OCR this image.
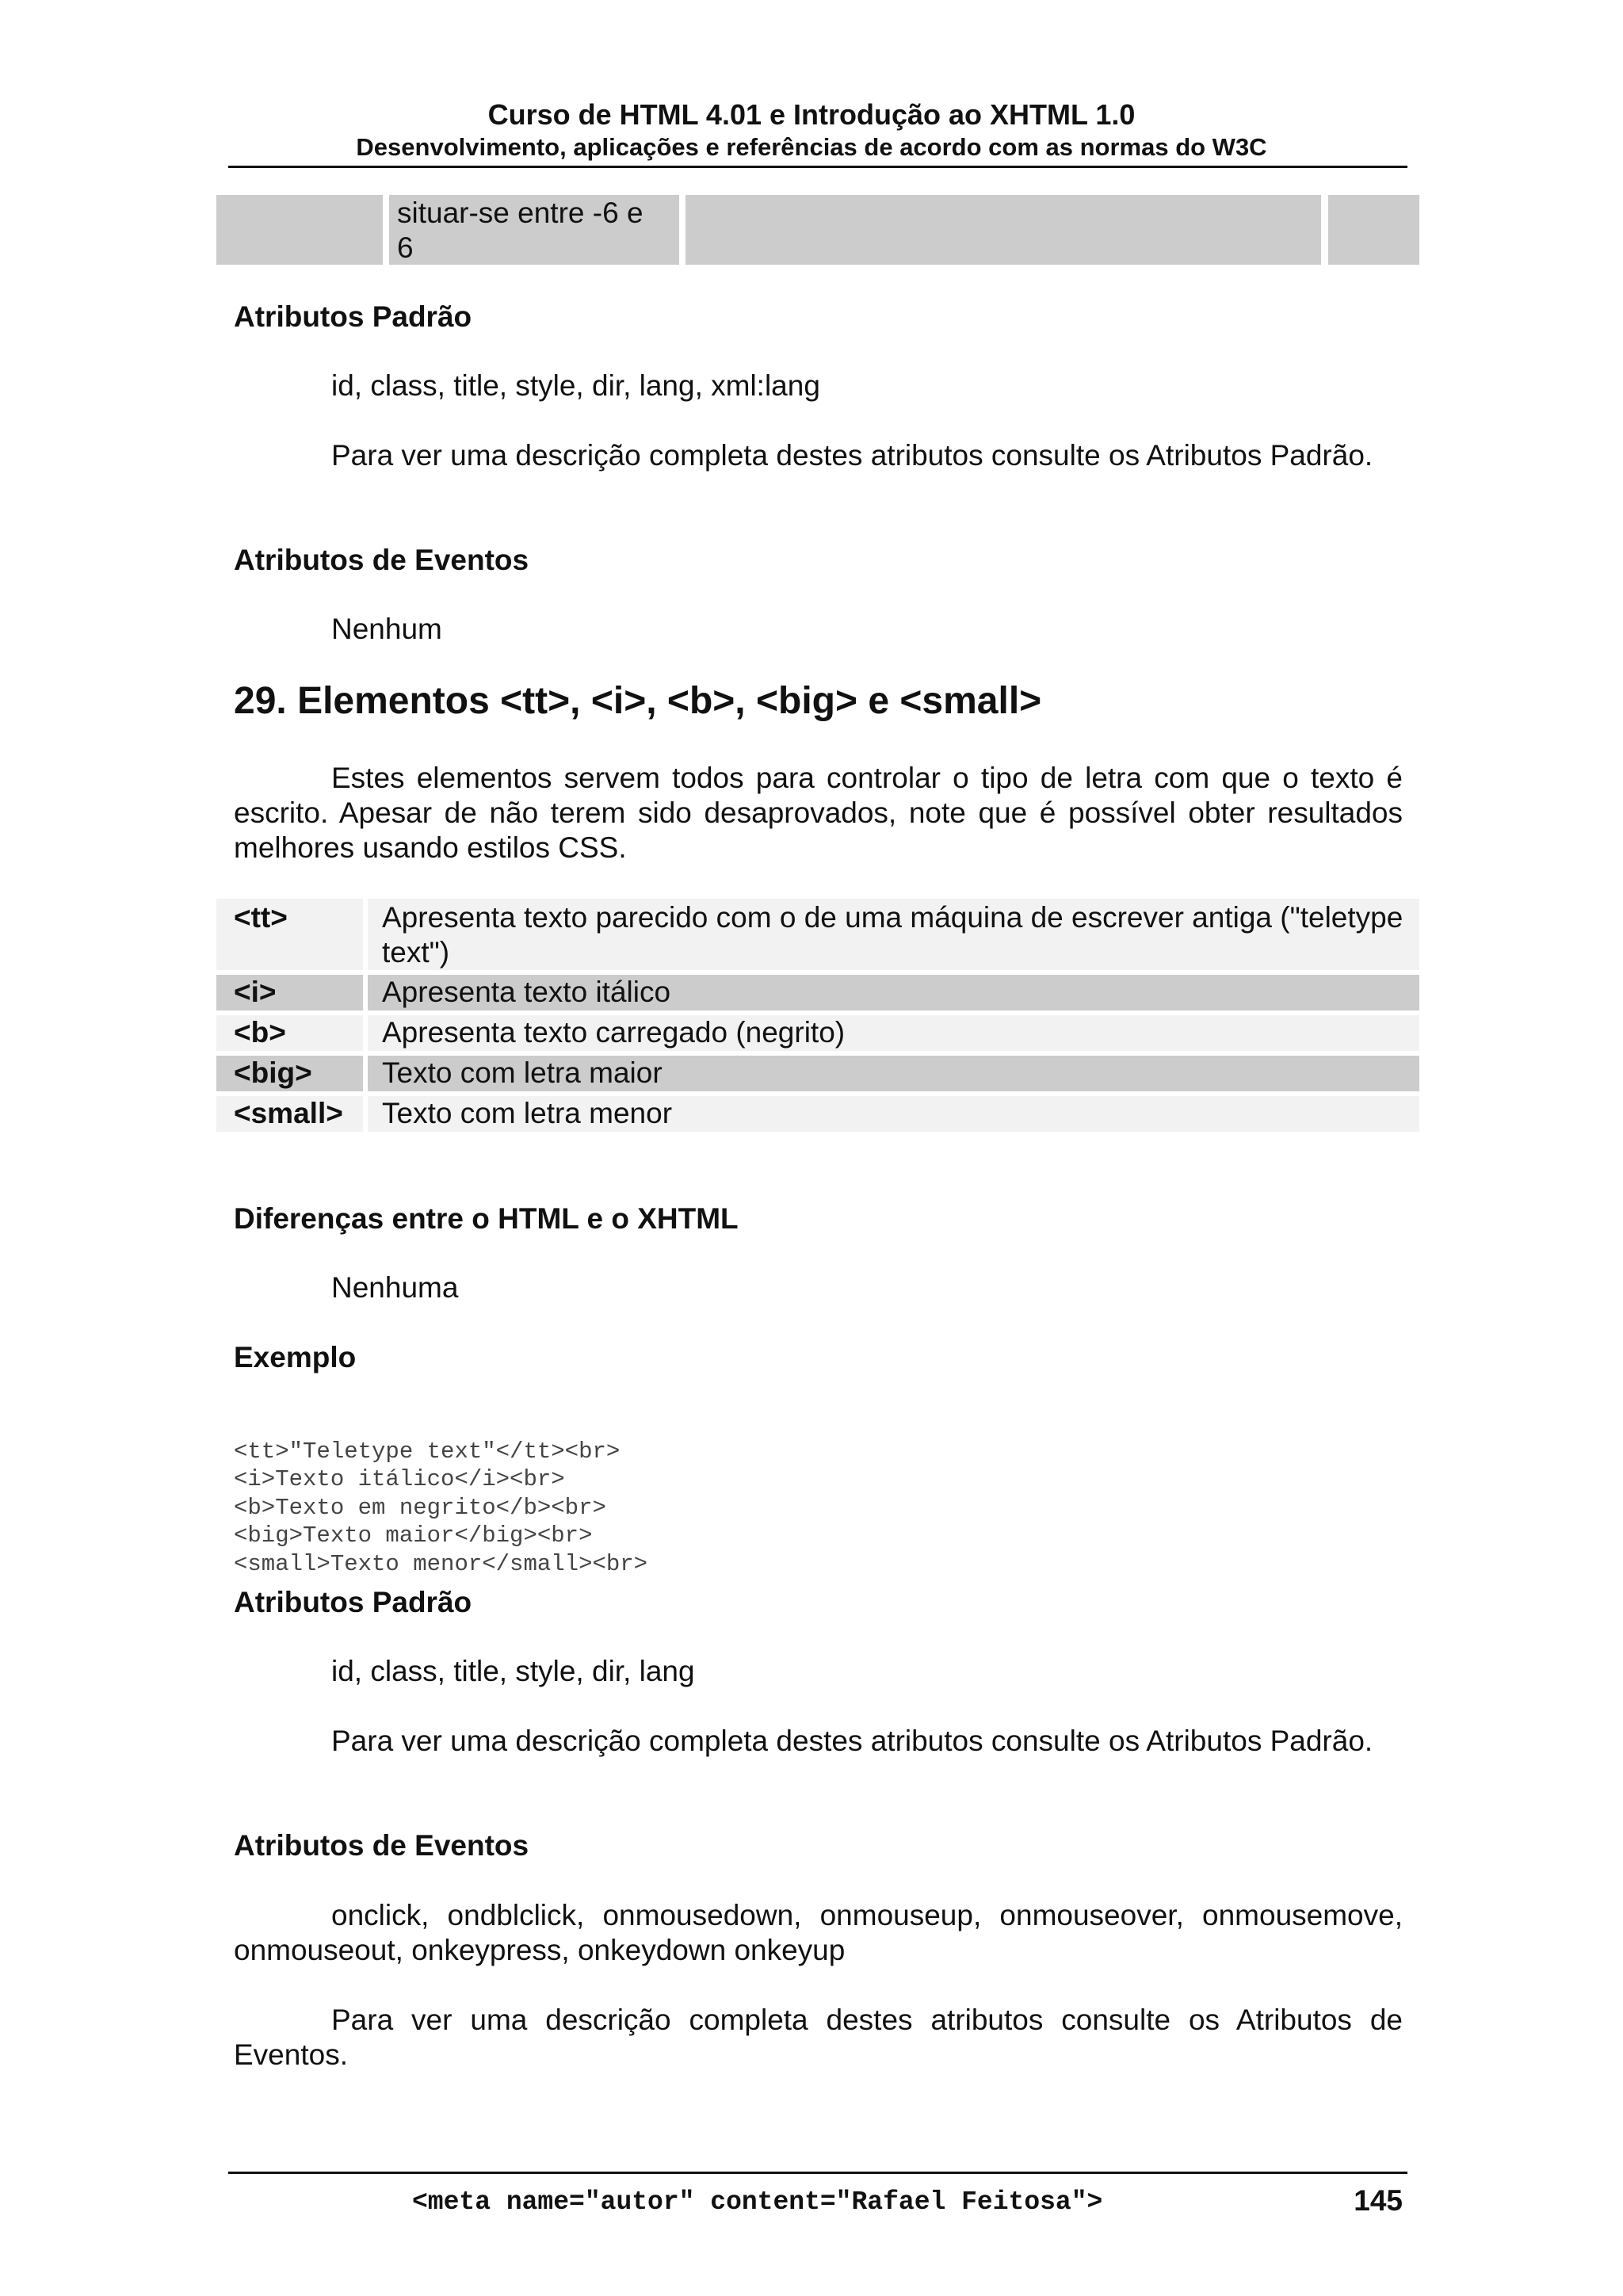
Curso de HTML 4.01 e Introdução ao XHTML 1.0
Desenvolvimento, aplicações e referências de acordo com as normas do W3C
situar-se entre -6 e
6
Atributos Padrão
id, class, title, style, dir, lang, xml:lang
Para ver uma descrição completa destes atributos consulte os Atributos Padrão.
Atributos de Eventos
Nenhum
29. Elementos <tt>, <i>, <b>, <big> e <small>
Estes elementos servem todos para controlar o tipo de letra com que o texto é escrito. Apesar de não terem sido desaprovados, note que é possível obter resultados melhores usando estilos CSS.
<tt>	Apresenta texto parecido com o de uma máquina de escrever antiga ("teletype text")
<i>	Apresenta texto itálico
<b>	Apresenta texto carregado (negrito)
<big>	Texto com letra maior
<small>	Texto com letra menor
Diferenças entre o HTML e o XHTML
Nenhuma
Exemplo

<tt>"Teletype text"</tt><br>
<i>Texto itálico</i><br>
<b>Texto em negrito</b><br>
<big>Texto maior</big><br>
<small>Texto menor</small><br>
Atributos Padrão
id, class, title, style, dir, lang
Para ver uma descrição completa destes atributos consulte os Atributos Padrão.
Atributos de Eventos
onclick, ondblclick, onmousedown, onmouseup, onmouseover, onmousemove, onmouseout, onkeypress, onkeydown onkeyup
Para ver uma descrição completa destes atributos consulte os Atributos de Eventos.
<meta name="autor" content="Rafael Feitosa">	145
